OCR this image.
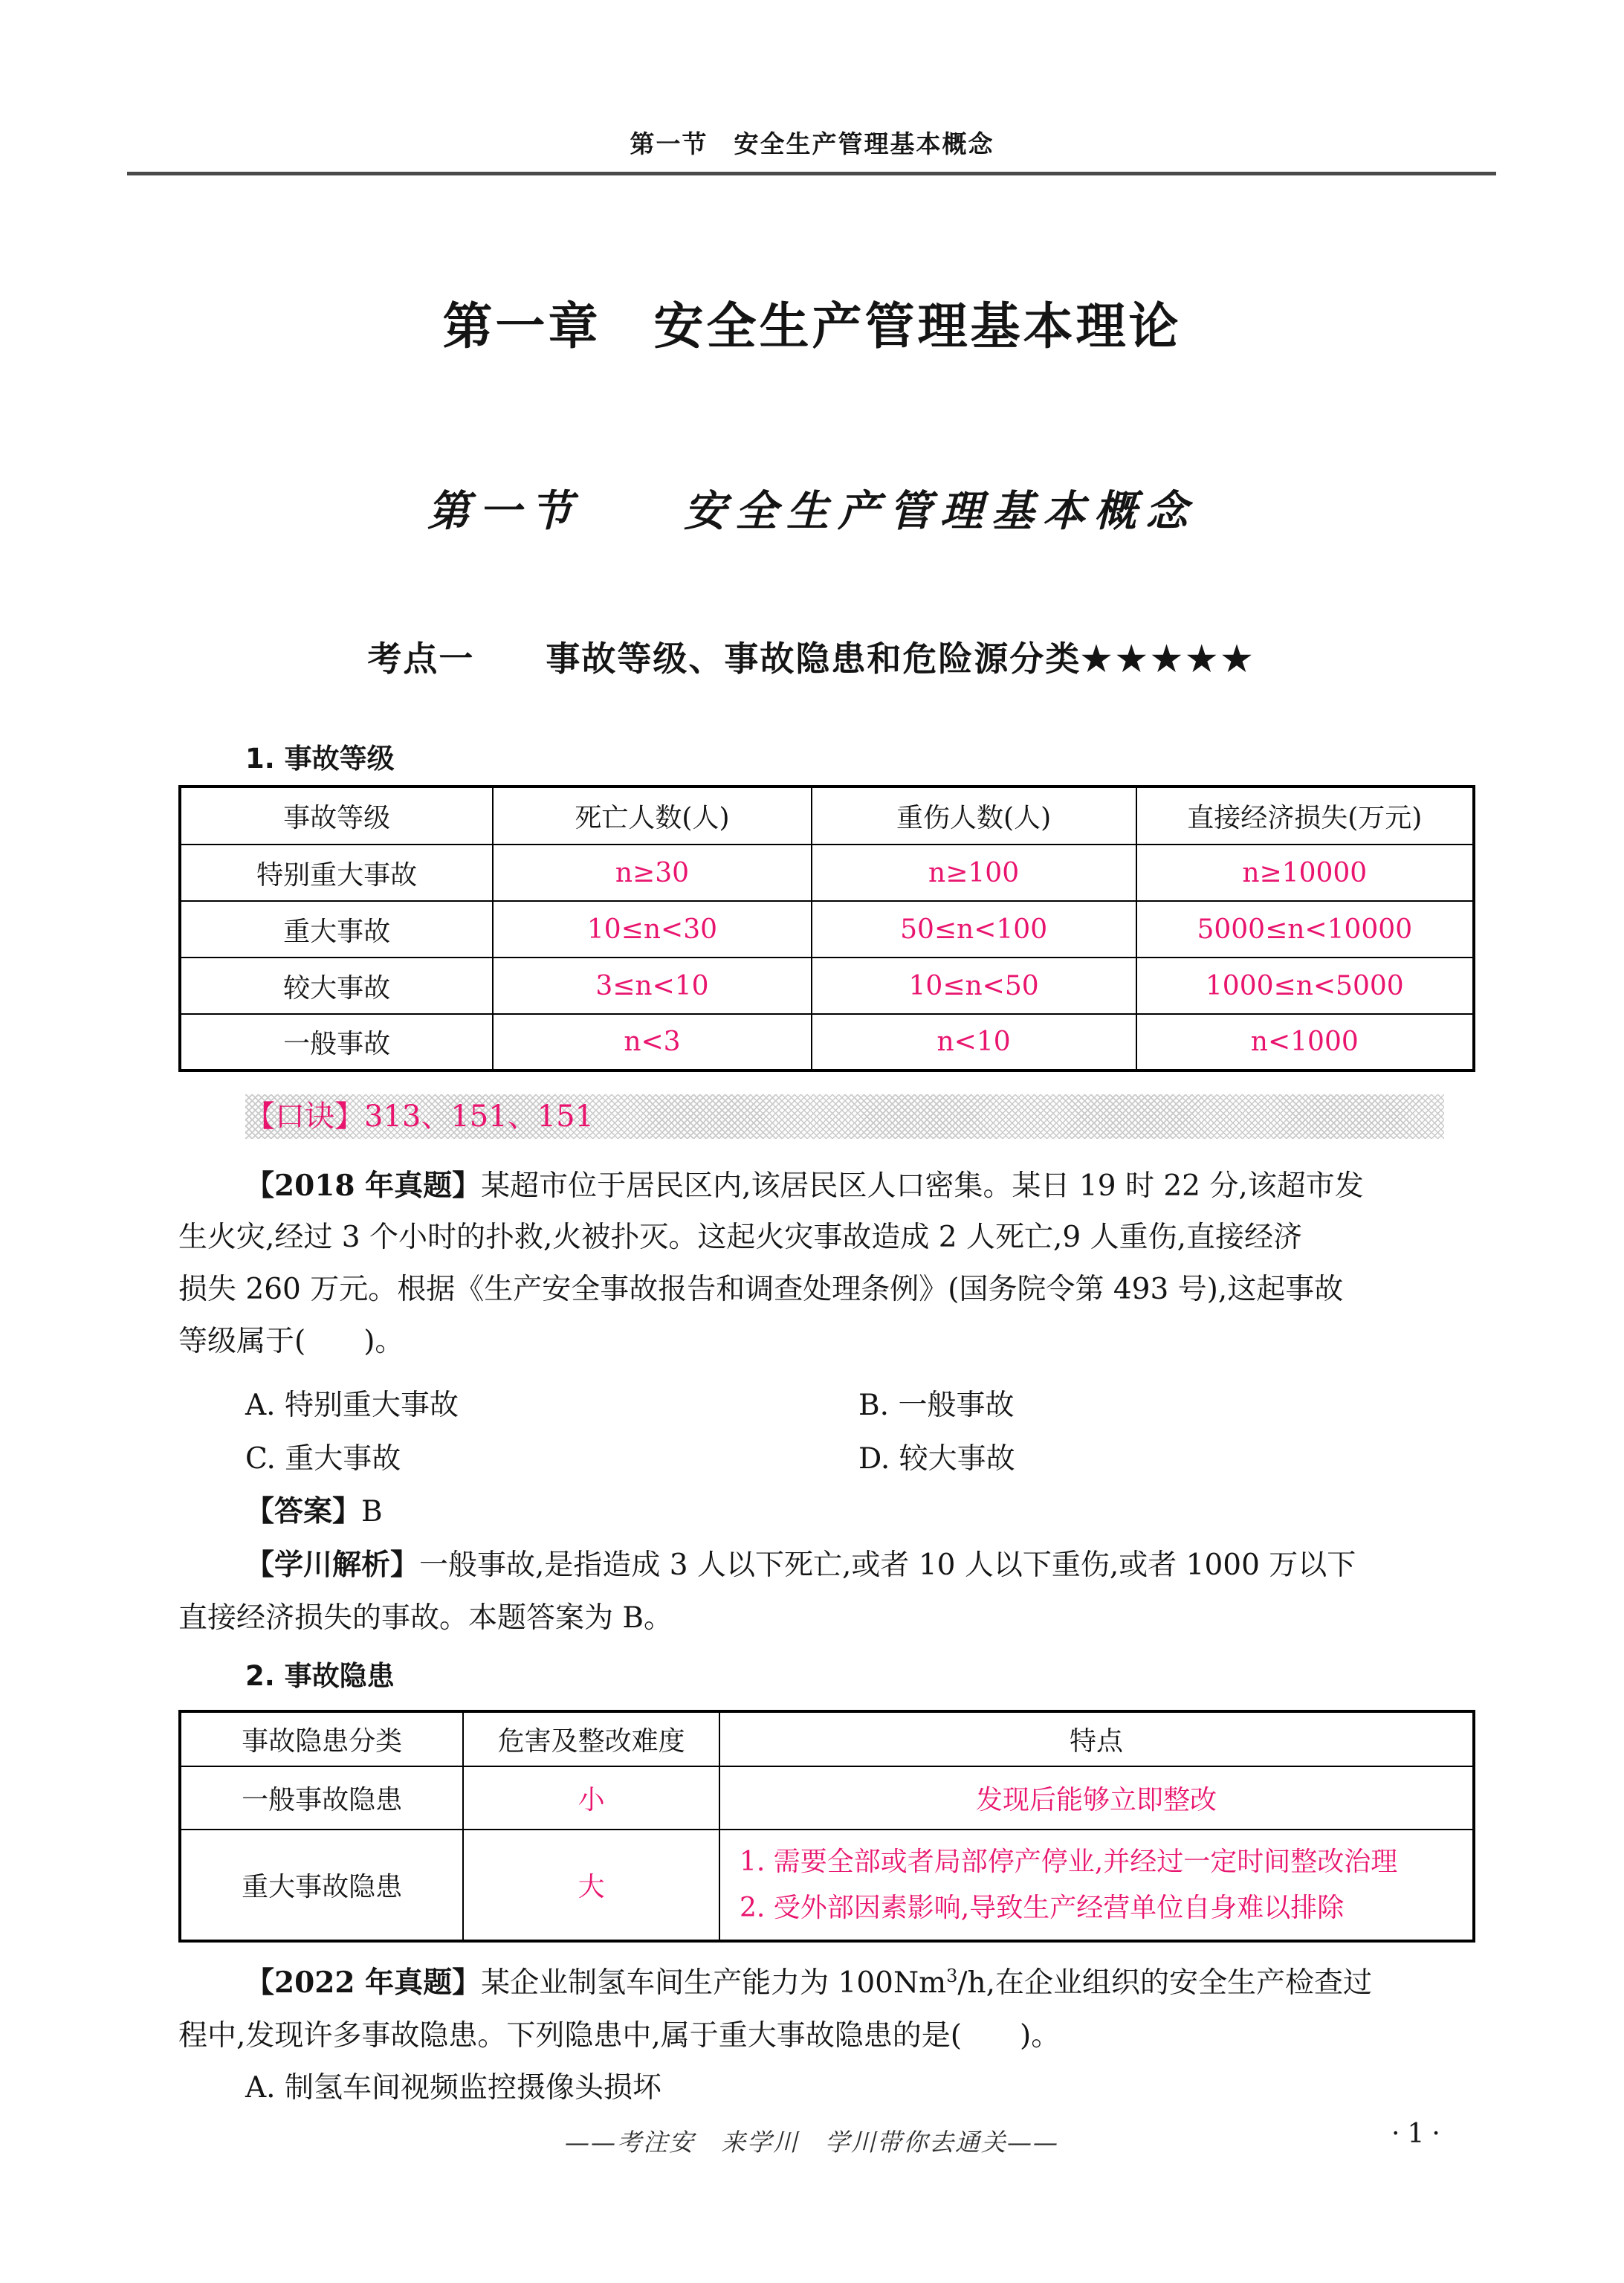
第一节　安全生产管理基本概念
第一章　安全生产管理基本理论
第一节　　安全生产管理基本概念
考点一　　事故等级、事故隐患和危险源分类★★★★★
1. 事故等级
事故等级	死亡人数(人)	重伤人数(人)	直接经济损失(万元)
特别重大事故	n≥30	n≥100	n≥10000
重大事故	10≤n<30	50≤n<100	5000≤n<10000
较大事故	3≤n<10	10≤n<50	1000≤n<5000
一般事故	n<3	n<10	n<1000
【口诀】313、151、151
【2018 年真题】某超市位于居民区内,该居民区人口密集。某日 19 时 22 分,该超市发
生火灾,经过 3 个小时的扑救,火被扑灭。这起火灾事故造成 2 人死亡,9 人重伤,直接经济
损失 260 万元。根据《生产安全事故报告和调查处理条例》(国务院令第 493 号),这起事故
等级属于(　　)。
A. 特别重大事故	B. 一般事故
C. 重大事故	D. 较大事故
【答案】B
【学川解析】一般事故,是指造成 3 人以下死亡,或者 10 人以下重伤,或者 1000 万以下
直接经济损失的事故。本题答案为 B。
2. 事故隐患
事故隐患分类	危害及整改难度	特点
一般事故隐患	小	发现后能够立即整改
重大事故隐患	大	1. 需要全部或者局部停产停业,并经过一定时间整改治理
2. 受外部因素影响,导致生产经营单位自身难以排除
【2022 年真题】某企业制氢车间生产能力为 100Nm$^3$/h,在企业组织的安全生产检查过
程中,发现许多事故隐患。下列隐患中,属于重大事故隐患的是(　　)。
A. 制氢车间视频监控摄像头损坏
——考注安　来学川　学川带你去通关——	·1·
